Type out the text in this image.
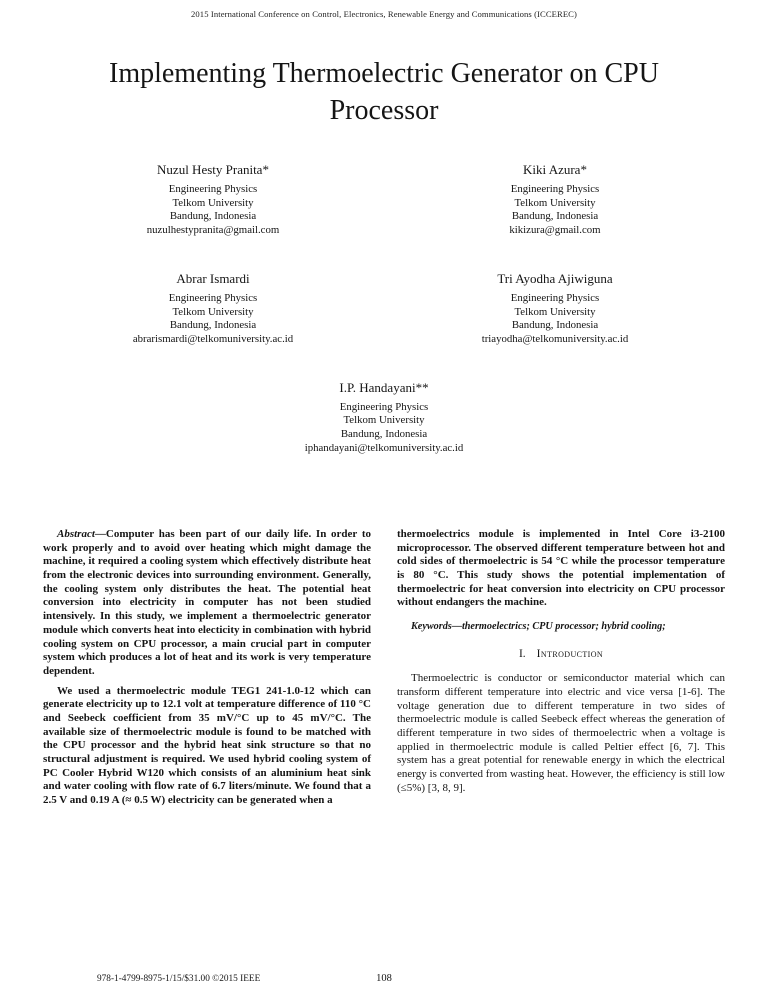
2015 International Conference on Control, Electronics, Renewable Energy and Communications (ICCEREC)
Implementing Thermoelectric Generator on CPU Processor
Nuzul Hesty Pranita*
Engineering Physics
Telkom University
Bandung, Indonesia
nuzulhestypranita@gmail.com
Kiki Azura*
Engineering Physics
Telkom University
Bandung, Indonesia
kikizura@gmail.com
Abrar Ismardi
Engineering Physics
Telkom University
Bandung, Indonesia
abrarismardi@telkomuniversity.ac.id
Tri Ayodha Ajiwiguna
Engineering Physics
Telkom University
Bandung, Indonesia
triayodha@telkomuniversity.ac.id
I.P. Handayani**
Engineering Physics
Telkom University
Bandung, Indonesia
iphandayani@telkomuniversity.ac.id

Abstract—Computer has been part of our daily life. In order to work properly and to avoid over heating which might damage the machine, it required a cooling system which effectively distribute heat from the electronic devices into surrounding environment. Generally, the cooling system only distributes the heat. The potential heat conversion into electricity in computer has not been studied intensively. In this study, we implement a thermoelectric generator module which converts heat into electicity in combination with hybrid cooling system on CPU processor, a main crucial part in computer system which produces a lot of heat and its work is very temperature dependent.

We used a thermoelectric module TEG1 241-1.0-12 which can generate electricity up to 12.1 volt at temperature difference of 110 °C and Seebeck coefficient from 35 mV/°C up to 45 mV/°C. The available size of thermoelectric module is found to be matched with the CPU processor and the hybrid heat sink structure so that no structural adjustment is required. We used hybrid cooling system of PC Cooler Hybrid W120 which consists of an aluminium heat sink and water cooling with flow rate of 6.7 liters/minute. We found that a 2.5 V and 0.19 A (≈ 0.5 W) electricity can be generated when a

thermoelectrics module is implemented in Intel Core i3-2100 microprocessor. The observed different temperature between hot and cold sides of thermoelectric is 54 °C while the processor temperature is 80 °C. This study shows the potential implementation of thermoelectric for heat conversion into electricity on CPU processor without endangers the machine.

Keywords—thermoelectrics; CPU processor; hybrid cooling;

I. Introduction

Thermoelectric is conductor or semiconductor material which can transform different temperature into electric and vice versa [1-6]. The voltage generation due to different temperature in two sides of thermoelectric module is called Seebeck effect whereas the generation of different temperature in two sides of thermoelectric when a voltage is applied in thermoelectric module is called Peltier effect [6, 7]. This system has a great potential for renewable energy in which the electrical energy is converted from wasting heat. However, the efficiency is still low (≤5%) [3, 8, 9].

978-1-4799-8975-1/15/$31.00 ©2015 IEEE	108
